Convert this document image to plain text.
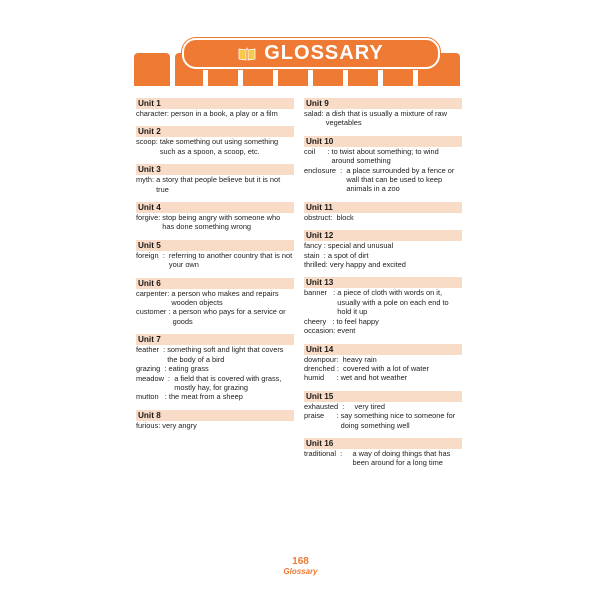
GLOSSARY
Unit 1
character : person in a book, a play or a film
Unit 2
scoop : take something out using something such as a spoon, a scoop, etc.
Unit 3
myth : a story that people believe but it is not true
Unit 4
forgive : stop being angry with someone who has done something wrong
Unit 5
foreign : referring to another country that is not your own
Unit 6
carpenter : a person who makes and repairs wooden objects
customer : a person who pays for a service or goods
Unit 7
feather : something soft and light that covers the body of a bird
grazing : eating grass
meadow : a field that is covered with grass, mostly hay, for grazing
mutton : the meat from a sheep
Unit 8
furious : very angry
Unit 9
salad : a dish that is usually a mixture of raw vegetables
Unit 10
coil : to twist about something; to wind around something
enclosure : a place surrounded by a fence or wall that can be used to keep animals in a zoo
Unit 11
obstruct : block
Unit 12
fancy : special and unusual
stain : a spot of dirt
thrilled : very happy and excited
Unit 13
banner : a piece of cloth with words on it, usually with a pole on each end to hold it up
cheery : to feel happy
occasion : event
Unit 14
downpour : heavy rain
drenched : covered with a lot of water
humid : wet and hot weather
Unit 15
exhausted : very tired
praise : say something nice to someone for doing something well
Unit 16
traditional : a way of doing things that has been around for a long time
168
Glossary
